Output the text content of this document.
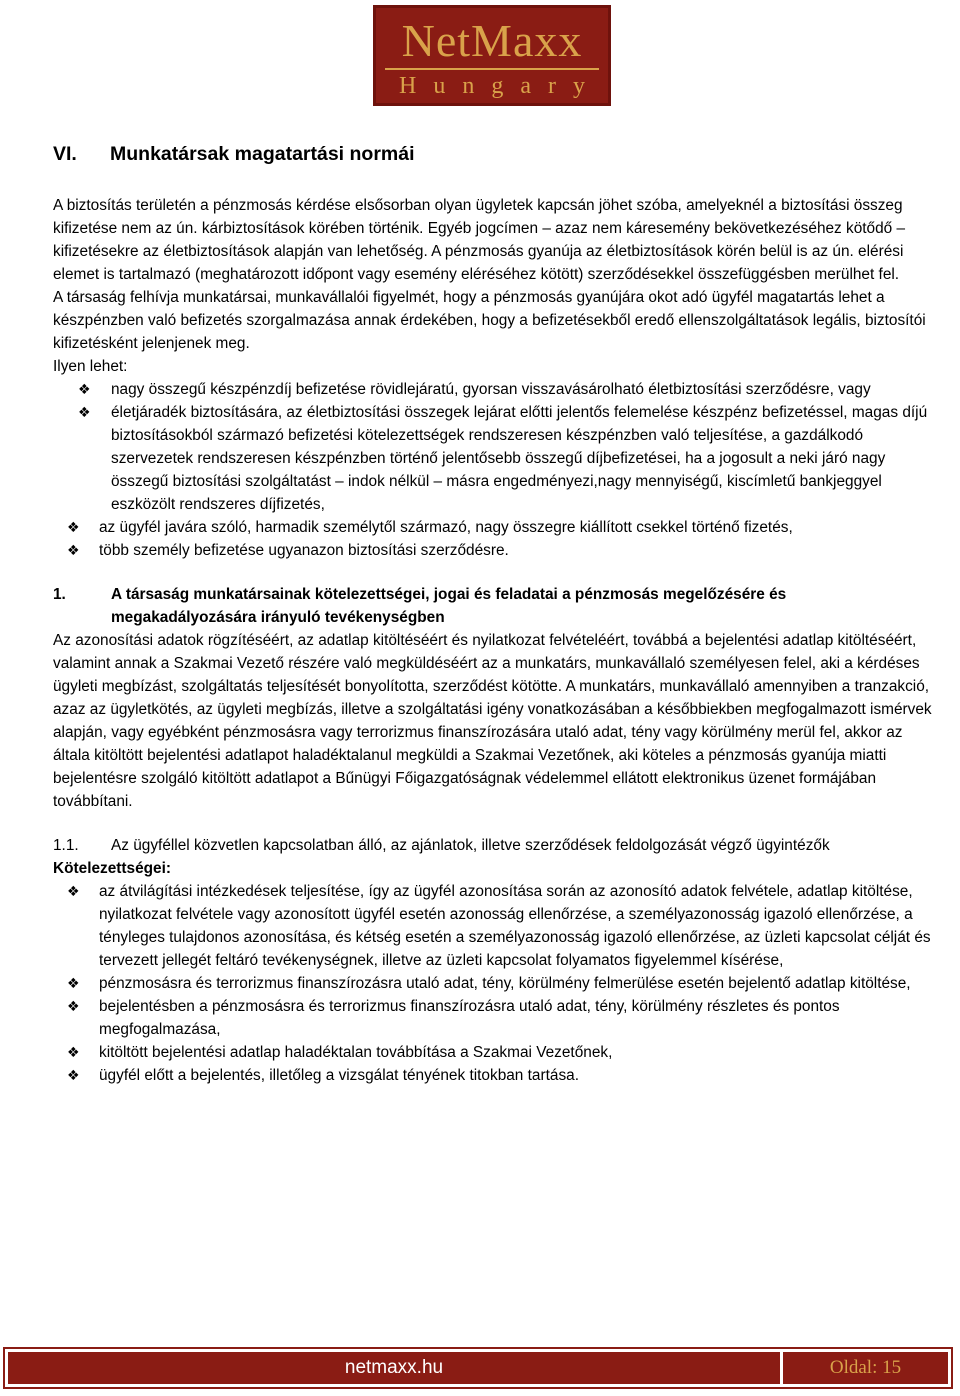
NetMaxx
Hungary
VI. Munkatársak magatartási normái

A biztosítás területén a pénzmosás kérdése elsősorban olyan ügyletek kapcsán jöhet szóba, amelyeknél a biztosítási összeg kifizetése nem az ún. kárbiztosítások körében történik. Egyéb jogcímen – azaz nem káresemény bekövetkezéséhez kötődő – kifizetésekre az életbiztosítások alapján van lehetőség. A pénzmosás gyanúja az életbiztosítások körén belül is az ún. elérési elemet is tartalmazó (meghatározott időpont vagy esemény eléréséhez kötött) szerződésekkel összefüggésben merülhet fel.

A társaság felhívja munkatársai, munkavállalói figyelmét, hogy a pénzmosás gyanújára okot adó ügyfél magatartás lehet a készpénzben való befizetés szorgalmazása annak érdekében, hogy a befizetésekből eredő ellenszolgáltatások legális, biztosítói kifizetésként jelenjenek meg.

Ilyen lehet:

❖ nagy összegű készpénzdíj befizetése rövidlejáratú, gyorsan visszavásárolható életbiztosítási szerződésre, vagy
❖ életjáradék biztosítására, az életbiztosítási összegek lejárat előtti jelentős felemelése készpénz befizetéssel, magas díjú biztosításokból származó befizetési kötelezettségek rendszeresen készpénzben való teljesítése, a gazdálkodó szervezetek rendszeresen készpénzben történő jelentősebb összegű díjbefizetései, ha a jogosult a neki járó nagy összegű biztosítási szolgáltatást – indok nélkül – másra engedményezi,nagy mennyiségű, kiscímletű bankjeggyel eszközölt rendszeres díjfizetés,
❖ az ügyfél javára szóló, harmadik személytől származó, nagy összegre kiállított csekkel történő fizetés,
❖ több személy befizetése ugyanazon biztosítási szerződésre.
1.	A társaság munkatársainak kötelezettségei, jogai és feladatai a pénzmosás megelőzésére és megakadályozására irányuló tevékenységben

Az azonosítási adatok rögzítéséért, az adatlap kitöltéséért és nyilatkozat felvételéért, továbbá a bejelentési adatlap kitöltéséért, valamint annak a Szakmai Vezető részére való megküldéséért az a munkatárs, munkavállaló személyesen felel, aki a kérdéses ügyleti megbízást, szolgáltatás teljesítését bonyolította, szerződést kötötte. A munkatárs, munkavállaló amennyiben a tranzakció, azaz az ügyletkötés, az ügyleti megbízás, illetve a szolgáltatási igény vonatkozásában a későbbiekben megfogalmazott ismérvek alapján, vagy egyébként pénzmosásra vagy terrorizmus finanszírozására utaló adat, tény vagy körülmény merül fel, akkor az általa kitöltött bejelentési adatlapot haladéktalanul megküldi a Szakmai Vezetőnek, aki köteles a pénzmosás gyanúja miatti bejelentésre szolgáló kitöltött adatlapot a Bűnügyi Főigazgatóságnak védelemmel ellátott elektronikus üzenet formájában továbbítani.

1.1. Az ügyféllel közvetlen kapcsolatban álló, az ajánlatok, illetve szerződések feldolgozását végző ügyintézők

Kötelezettségei:

❖ az átvilágítási intézkedések teljesítése, így az ügyfél azonosítása során az azonosító adatok felvétele, adatlap kitöltése, nyilatkozat felvétele vagy azonosított ügyfél esetén azonosság ellenőrzése, a személyazonosság igazoló ellenőrzése, a tényleges tulajdonos azonosítása, és kétség esetén a személyazonosság igazoló ellenőrzése, az üzleti kapcsolat célját és tervezett jellegét feltáró tevékenységnek, illetve az üzleti kapcsolat folyamatos figyelemmel kísérése,
❖ pénzmosásra és terrorizmus finanszírozásra utaló adat, tény, körülmény felmerülése esetén bejelentő adatlap kitöltése,
❖ bejelentésben a pénzmosásra és terrorizmus finanszírozásra utaló adat, tény, körülmény részletes és pontos megfogalmazása,
❖ kitöltött bejelentési adatlap haladéktalan továbbítása a Szakmai Vezetőnek,
❖ ügyfél előtt a bejelentés, illetőleg a vizsgálat tényének titokban tartása.
netmaxx.hu	Oldal: 15
